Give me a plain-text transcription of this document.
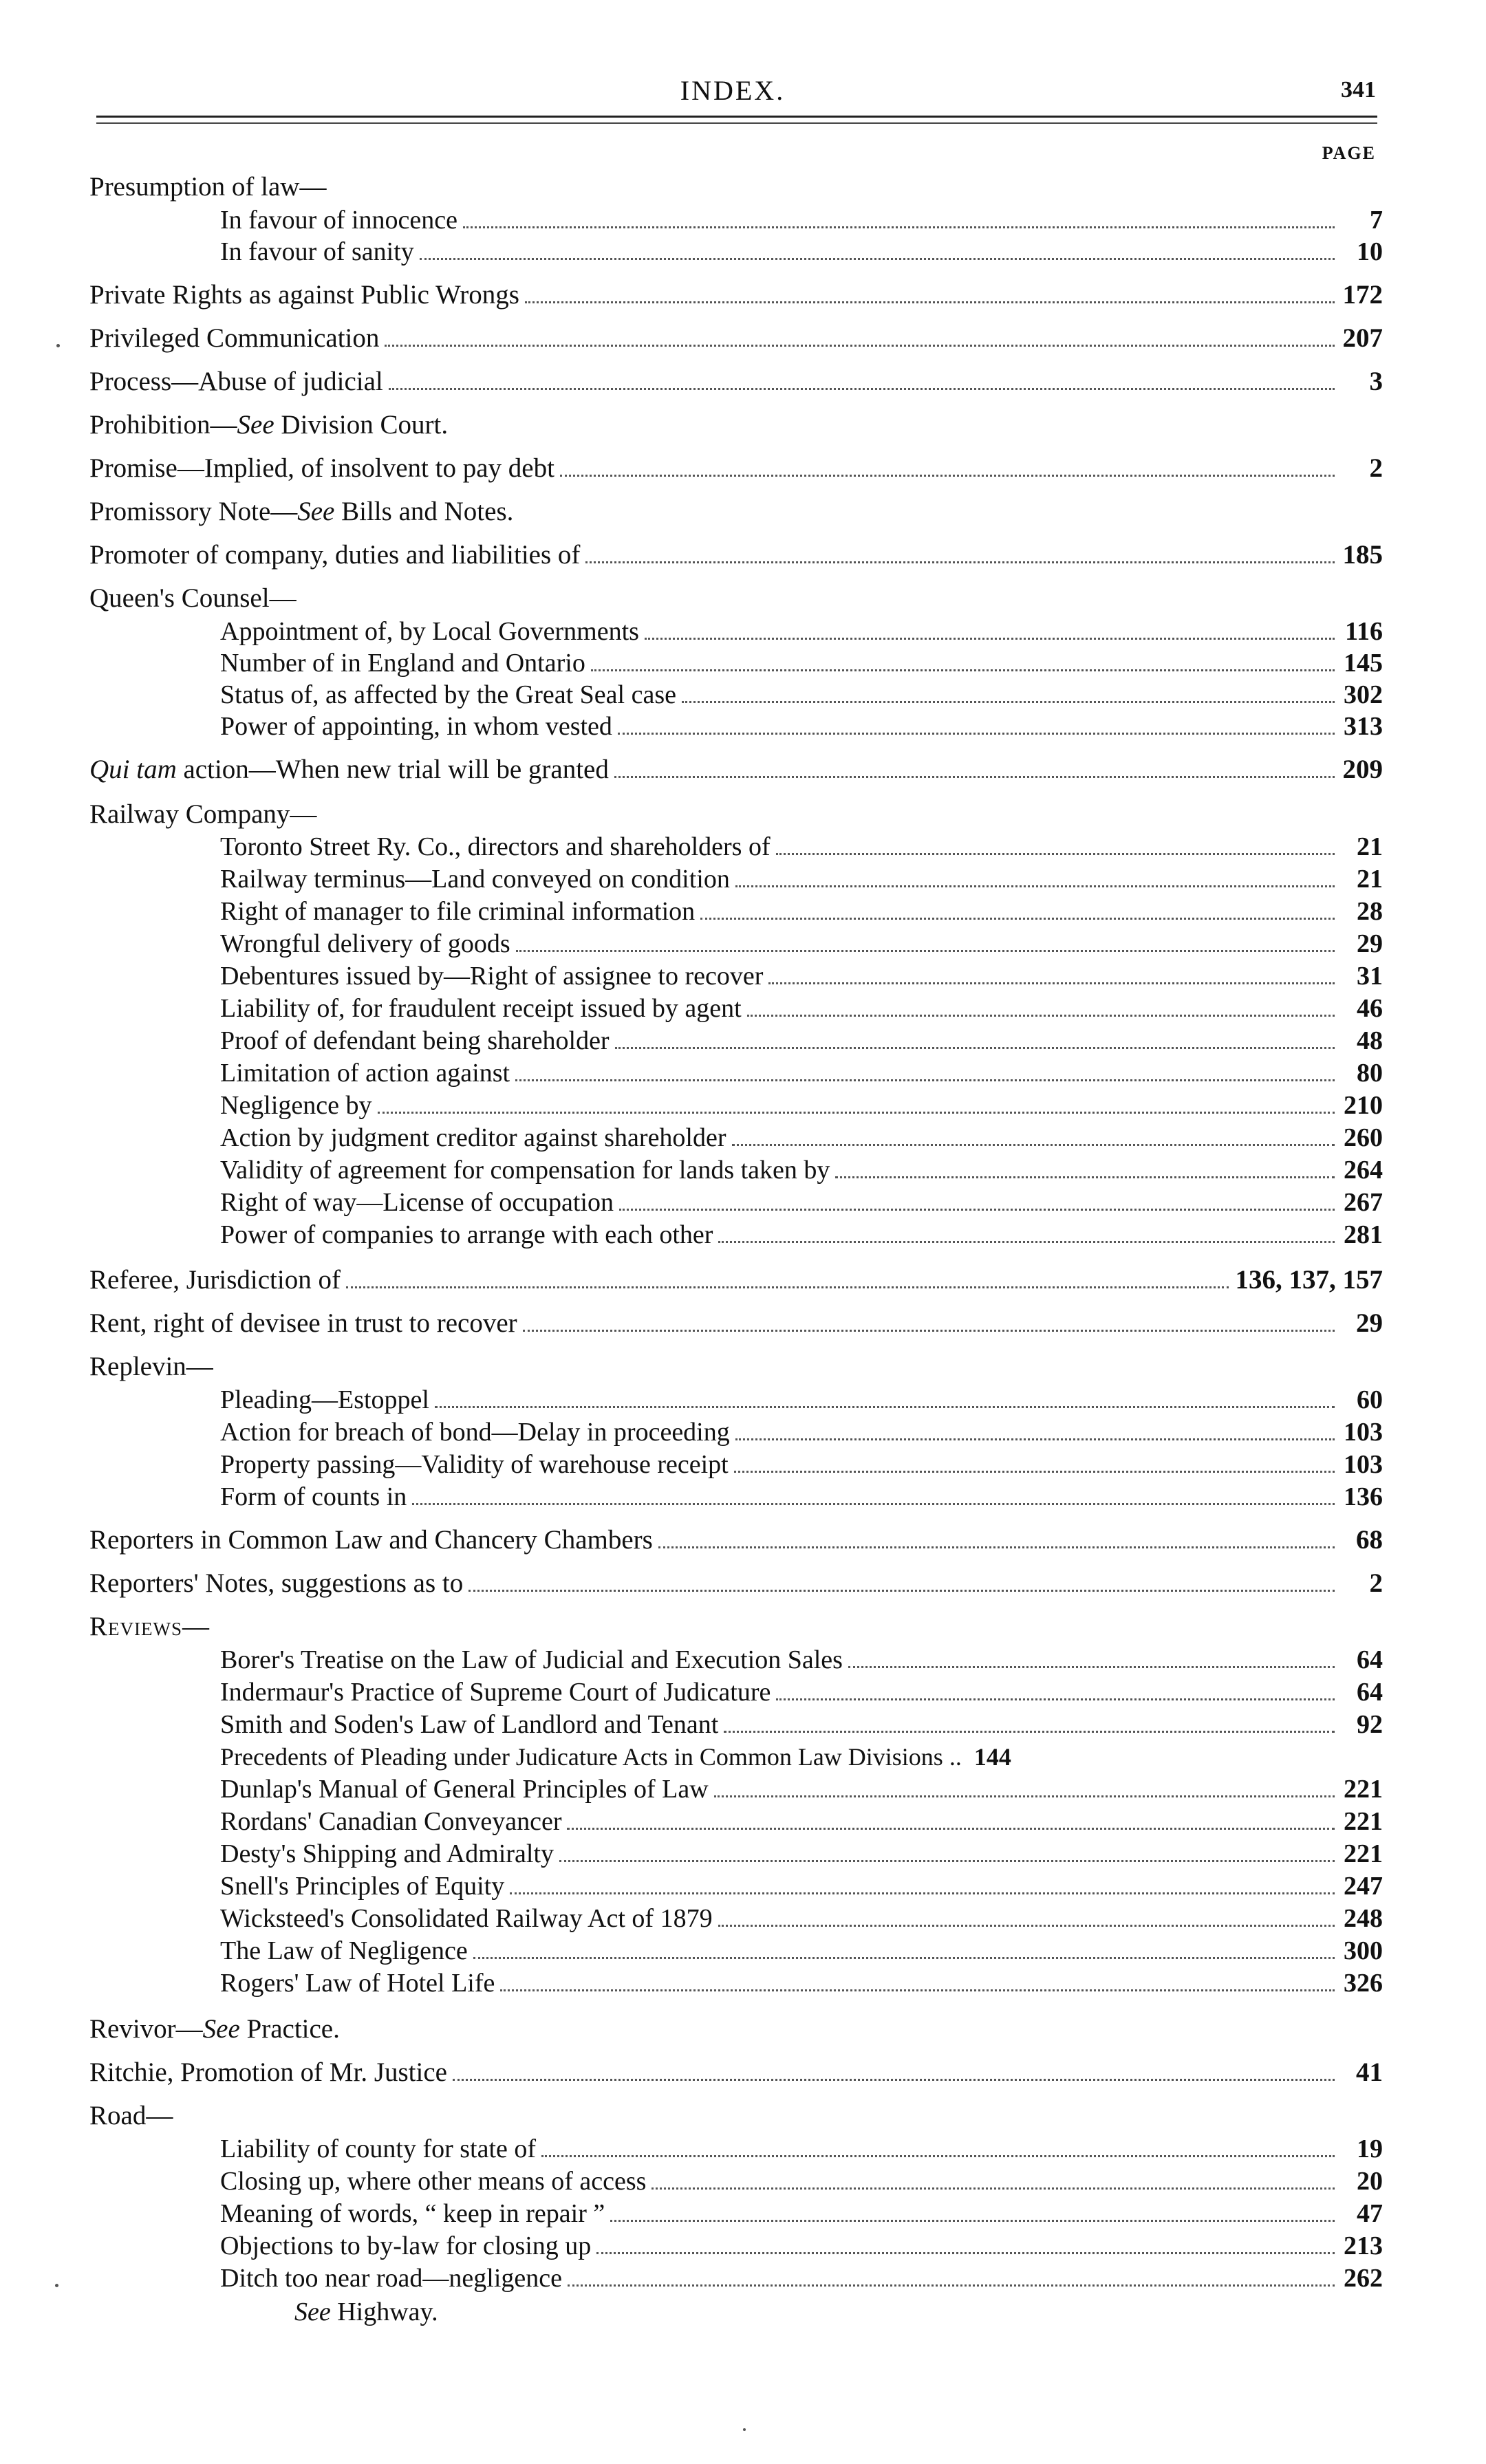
INDEX.	341
PAGE
Presumption of law—
In favour of innocence	7
In favour of sanity	10
Private Rights as against Public Wrongs	172
Privileged Communication	207
Process—Abuse of judicial	3
Prohibition—See Division Court.
Promise—Implied, of insolvent to pay debt	2
Promissory Note—See Bills and Notes.
Promoter of company, duties and liabilities of	185
Queen's Counsel—
Appointment of, by Local Governments	116
Number of in England and Ontario	145
Status of, as affected by the Great Seal case	302
Power of appointing, in whom vested	313
Qui tam action—When new trial will be granted	209
Railway Company—
Toronto Street Ry. Co., directors and shareholders of	21
Railway terminus—Land conveyed on condition	21
Right of manager to file criminal information	28
Wrongful delivery of goods	29
Debentures issued by—Right of assignee to recover	31
Liability of, for fraudulent receipt issued by agent	46
Proof of defendant being shareholder	48
Limitation of action against	80
Negligence by	210
Action by judgment creditor against shareholder	260
Validity of agreement for compensation for lands taken by	264
Right of way—License of occupation	267
Power of companies to arrange with each other	281
Referee, Jurisdiction of	136, 137, 157
Rent, right of devisee in trust to recover	29
Replevin—
Pleading—Estoppel	60
Action for breach of bond—Delay in proceeding	103
Property passing—Validity of warehouse receipt	103
Form of counts in	136
Reporters in Common Law and Chancery Chambers	68
Reporters' Notes, suggestions as to	2
Reviews—
Borer's Treatise on the Law of Judicial and Execution Sales	64
Indermaur's Practice of Supreme Court of Judicature	64
Smith and Soden's Law of Landlord and Tenant	92
Precedents of Pleading under Judicature Acts in Common Law Divisions .. 144
Dunlap's Manual of General Principles of Law	221
Rordans' Canadian Conveyancer	221
Desty's Shipping and Admiralty	221
Snell's Principles of Equity	247
Wicksteed's Consolidated Railway Act of 1879	248
The Law of Negligence	300
Rogers' Law of Hotel Life	326
Revivor—See Practice.
Ritchie, Promotion of Mr. Justice	41
Road—
Liability of county for state of	19
Closing up, where other means of access	20
Meaning of words, “ keep in repair ”	47
Objections to by-law for closing up	213
Ditch too near road—negligence	262
See Highway.
